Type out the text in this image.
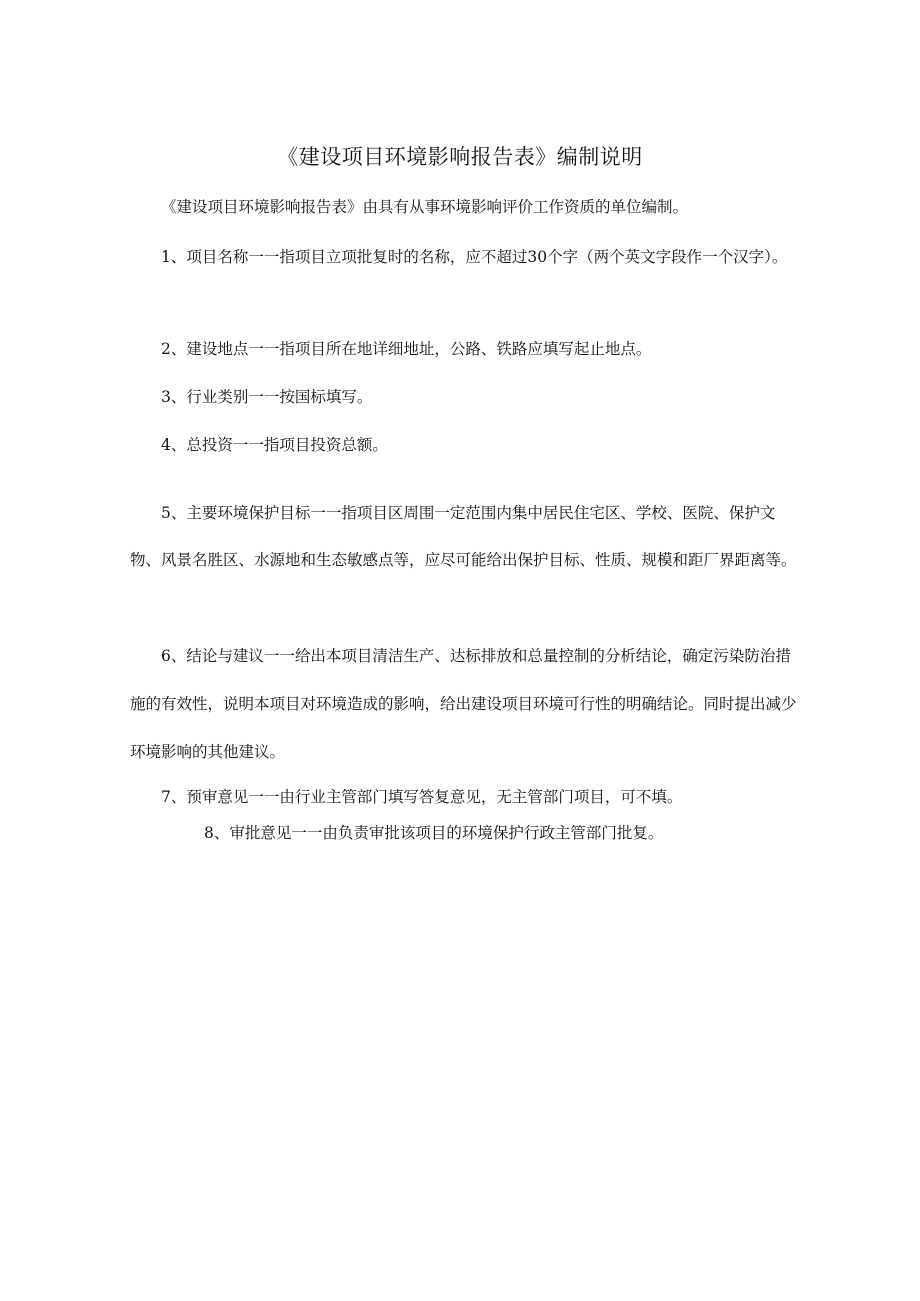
《建设项目环境影响报告表》编制说明

《建设项目环境影响报告表》由具有从事环境影响评价工作资质的单位编制。

1、项目名称一一指项目立项批复时的名称，应不超过30个字（两个英文字段作一个汉字）。

2、建设地点一一指项目所在地详细地址，公路、铁路应填写起止地点。

3、行业类别一一按国标填写。

4、总投资一一指项目投资总额。

5、主要环境保护目标一一指项目区周围一定范围内集中居民住宅区、学校、医院、保护文物、风景名胜区、水源地和生态敏感点等，应尽可能给出保护目标、性质、规模和距厂界距离等。

6、结论与建议一一给出本项目清洁生产、达标排放和总量控制的分析结论，确定污染防治措施的有效性，说明本项目对环境造成的影响，给出建设项目环境可行性的明确结论。同时提出减少环境影响的其他建议。

7、预审意见一一由行业主管部门填写答复意见，无主管部门项目，可不填。

8、审批意见一一由负责审批该项目的环境保护行政主管部门批复。
